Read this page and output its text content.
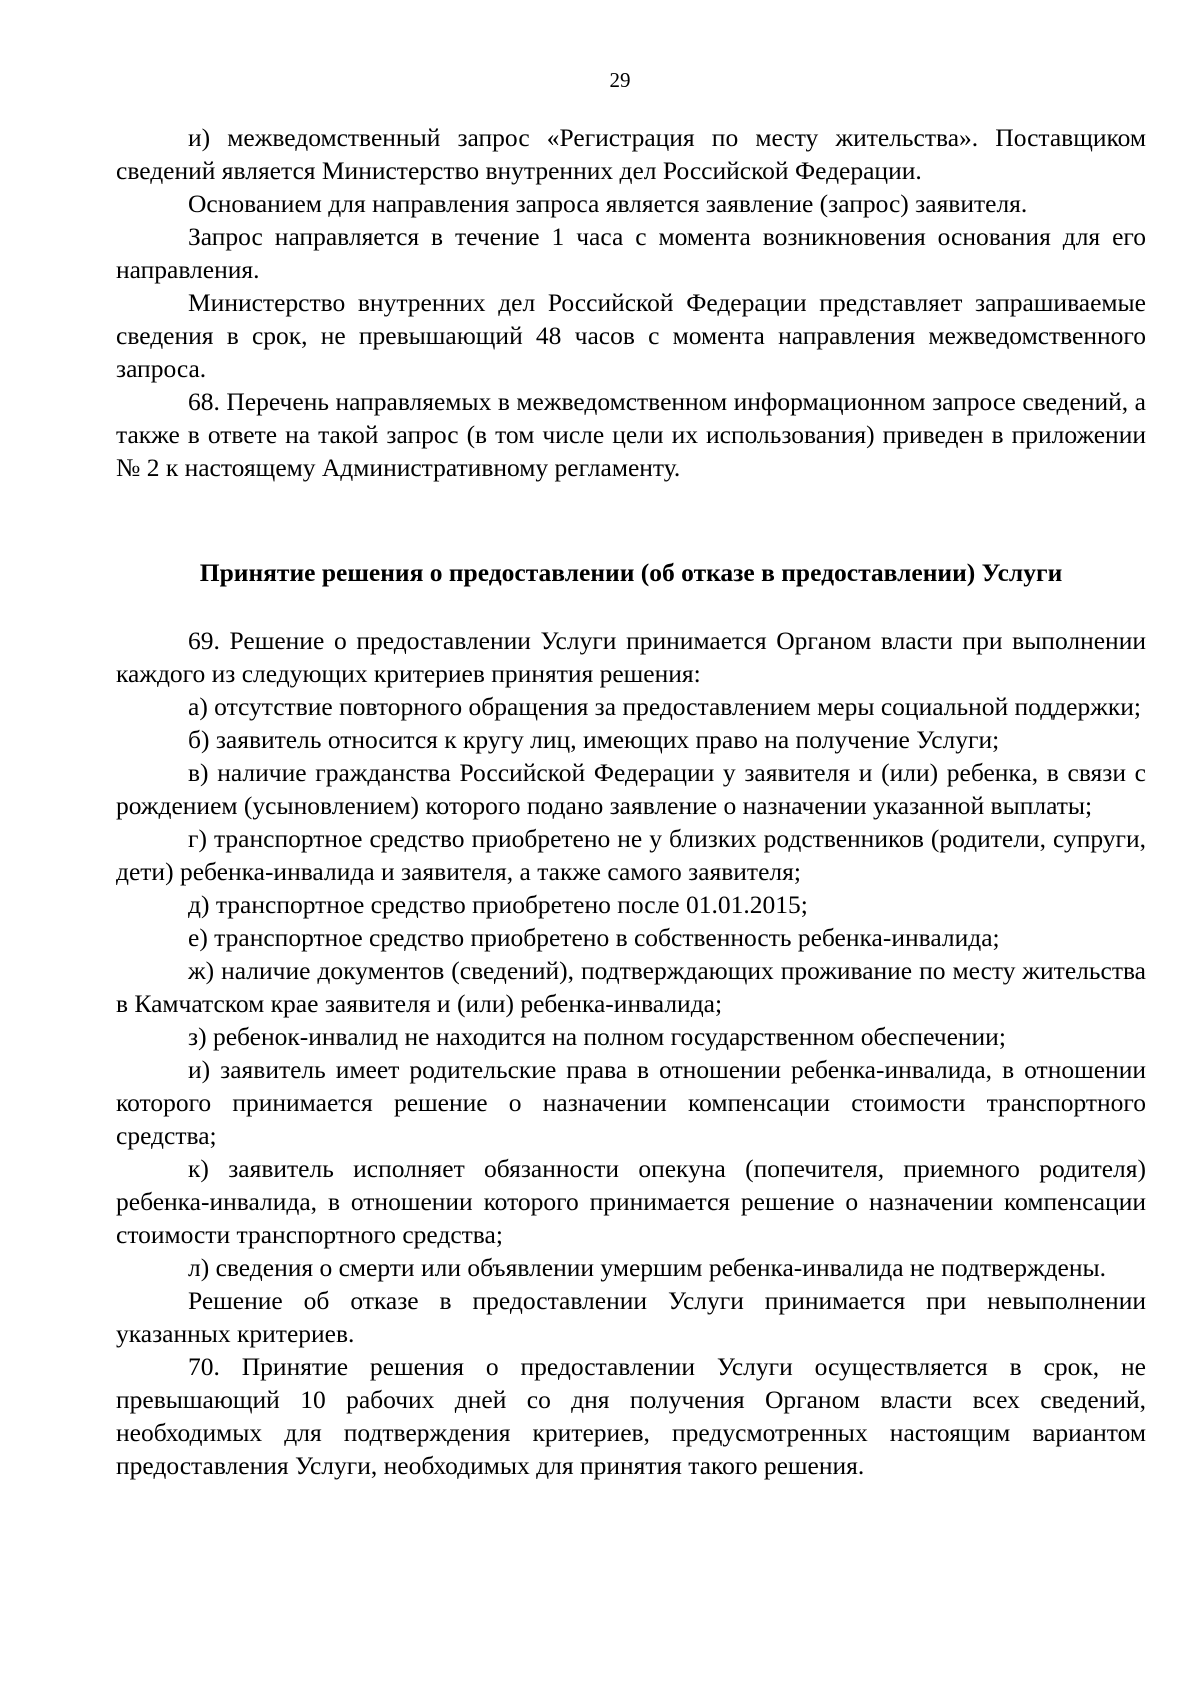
29

и) межведомственный запрос «Регистрация по месту жительства». Поставщиком сведений является Министерство внутренних дел Российской Федерации.

Основанием для направления запроса является заявление (запрос) заявителя.

Запрос направляется в течение 1 часа с момента возникновения основания для его направления.

Министерство внутренних дел Российской Федерации представляет запрашиваемые сведения в срок, не превышающий 48 часов с момента направления межведомственного запроса.

68. Перечень направляемых в межведомственном информационном запросе сведений, а также в ответе на такой запрос (в том числе цели их использования) приведен в приложении № 2 к настоящему Административному регламенту.

Принятие решения о предоставлении (об отказе в предоставлении) Услуги

69. Решение о предоставлении Услуги принимается Органом власти при выполнении каждого из следующих критериев принятия решения:

а) отсутствие повторного обращения за предоставлением меры социальной поддержки;

б) заявитель относится к кругу лиц, имеющих право на получение Услуги;

в) наличие гражданства Российской Федерации у заявителя и (или) ребенка, в связи с рождением (усыновлением) которого подано заявление о назначении указанной выплаты;

г) транспортное средство приобретено не у близких родственников (родители, супруги, дети) ребенка-инвалида и заявителя, а также самого заявителя;

д) транспортное средство приобретено после 01.01.2015;

е) транспортное средство приобретено в собственность ребенка-инвалида;

ж) наличие документов (сведений), подтверждающих проживание по месту жительства в Камчатском крае заявителя и (или) ребенка-инвалида;

з) ребенок-инвалид не находится на полном государственном обеспечении;

и) заявитель имеет родительские права в отношении ребенка-инвалида, в отношении которого принимается решение о назначении компенсации стоимости транспортного средства;

к) заявитель исполняет обязанности опекуна (попечителя, приемного родителя) ребенка-инвалида, в отношении которого принимается решение о назначении компенсации стоимости транспортного средства;

л) сведения о смерти или объявлении умершим ребенка-инвалида не подтверждены.

Решение об отказе в предоставлении Услуги принимается при невыполнении указанных критериев.

70. Принятие решения о предоставлении Услуги осуществляется в срок, не превышающий 10 рабочих дней со дня получения Органом власти всех сведений, необходимых для подтверждения критериев, предусмотренных настоящим вариантом предоставления Услуги, необходимых для принятия такого решения.
